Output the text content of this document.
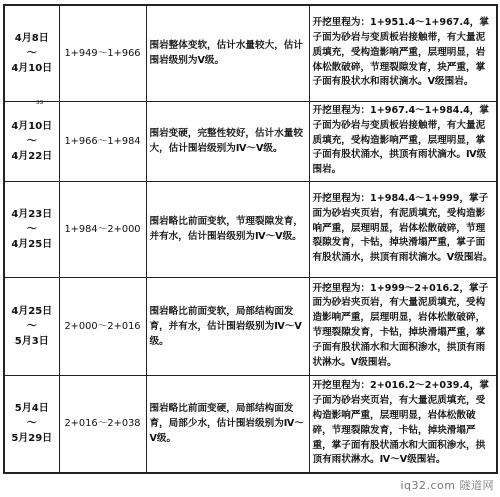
4月8日
～
4月10日	1+949～1+966	围岩整体变软，估计水量较大，估计围岩级别为Ⅴ级。	开挖里程为：1+951.4～1+967.4，掌子面为砂岩与变质板岩接触带，有大量泥质填充，受构造影响严重，层理明显，岩体松散破碎，节理裂隙发育，块严重，掌子面有股状水和雨状滴水。Ⅴ级围岩。

4月10日
～
4月22日	1+966～1+984	围岩变硬，完整性较好，估计水量较大，估计围岩级别为Ⅳ～Ⅴ级。	开挖里程为：1+967.4～1+984.4，掌子面为砂岩与变质板岩接触带，有大量泥质填充，受构造影响严重，层理明显，掌子面有股状涌水，拱顶有雨状滴水。Ⅳ级围岩。

4月23日
～
4月25日	1+984～2+000	围岩略比前面变软，节理裂隙发育，并有水，估计围岩级别为Ⅳ～Ⅴ级。	开挖里程为：1+984.4～1+999，掌子面为砂岩夹页岩，有泥质填充，受构造影响严重，层理明显，岩体松散破碎，节理裂隙发育，卡钻，掉块滑塌严重，掌子面有股状涌水，拱顶有雨状滴水。Ⅴ级围岩。

4月25日
～
5月3日	2+000～2+016	围岩略比前面变软，局部结构面发育，并有水，估计围岩级别为Ⅳ～Ⅴ级。	开挖里程为：1+999～2+016.2，掌子面为砂岩夹页岩，有大量泥质填充，受构造影响严重，层理明显，岩体松散破碎，节理裂隙发育，卡钻，掉块滑塌严重，掌子面有股状涌水和大面积渗水，拱顶有雨状淋水。Ⅴ级围岩。

5月4日
～
5月29日	2+016～2+038	围岩略比前面变硬，局部结构面发育，局部少水，估计围岩级别为Ⅳ～Ⅴ级。	开挖里程为：2+016.2～2+039.4，掌子面为砂岩夹页岩，有大量泥质填充，受构造影响严重，层理明显，岩体松散破碎，节理裂隙发育，卡钻，掉块滑塌严重，掌子面有股状涌水和大面积渗水，拱顶有雨状淋水。Ⅳ～Ⅴ级围岩。
ss
iq32.com 隧道网
